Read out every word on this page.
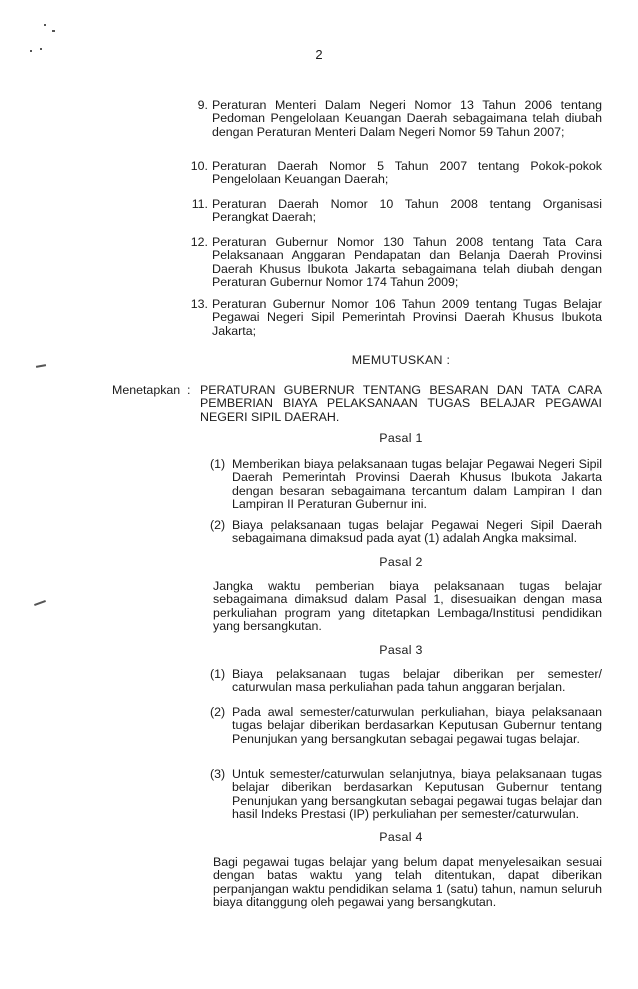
2
9. Peraturan Menteri Dalam Negeri Nomor 13 Tahun 2006 tentang Pedoman Pengelolaan Keuangan Daerah sebagaimana telah diubah dengan Peraturan Menteri Dalam Negeri Nomor 59 Tahun 2007;
10. Peraturan Daerah Nomor 5 Tahun 2007 tentang Pokok-pokok Pengelolaan Keuangan Daerah;
11. Peraturan Daerah Nomor 10 Tahun 2008 tentang Organisasi Perangkat Daerah;
12. Peraturan Gubernur Nomor 130 Tahun 2008 tentang Tata Cara Pelaksanaan Anggaran Pendapatan dan Belanja Daerah Provinsi Daerah Khusus Ibukota Jakarta sebagaimana telah diubah dengan Peraturan Gubernur Nomor 174 Tahun 2009;
13. Peraturan Gubernur Nomor 106 Tahun 2009 tentang Tugas Belajar Pegawai Negeri Sipil Pemerintah Provinsi Daerah Khusus Ibukota Jakarta;
MEMUTUSKAN :
Menetapkan : PERATURAN GUBERNUR TENTANG BESARAN DAN TATA CARA PEMBERIAN BIAYA PELAKSANAAN TUGAS BELAJAR PEGAWAI NEGERI SIPIL DAERAH.
Pasal 1
(1) Memberikan biaya pelaksanaan tugas belajar Pegawai Negeri Sipil Daerah Pemerintah Provinsi Daerah Khusus Ibukota Jakarta dengan besaran sebagaimana tercantum dalam Lampiran I dan Lampiran II Peraturan Gubernur ini.
(2) Biaya pelaksanaan tugas belajar Pegawai Negeri Sipil Daerah sebagaimana dimaksud pada ayat (1) adalah Angka maksimal.
Pasal 2
Jangka waktu pemberian biaya pelaksanaan tugas belajar sebagaimana dimaksud dalam Pasal 1, disesuaikan dengan masa perkuliahan program yang ditetapkan Lembaga/Institusi pendidikan yang bersangkutan.
Pasal 3
(1) Biaya pelaksanaan tugas belajar diberikan per semester/ caturwulan masa perkuliahan pada tahun anggaran berjalan.
(2) Pada awal semester/caturwulan perkuliahan, biaya pelaksanaan tugas belajar diberikan berdasarkan Keputusan Gubernur tentang Penunjukan yang bersangkutan sebagai pegawai tugas belajar.
(3) Untuk semester/caturwulan selanjutnya, biaya pelaksanaan tugas belajar diberikan berdasarkan Keputusan Gubernur tentang Penunjukan yang bersangkutan sebagai pegawai tugas belajar dan hasil Indeks Prestasi (IP) perkuliahan per semester/caturwulan.
Pasal 4
Bagi pegawai tugas belajar yang belum dapat menyelesaikan sesuai dengan batas waktu yang telah ditentukan, dapat diberikan perpanjangan waktu pendidikan selama 1 (satu) tahun, namun seluruh biaya ditanggung oleh pegawai yang bersangkutan.
